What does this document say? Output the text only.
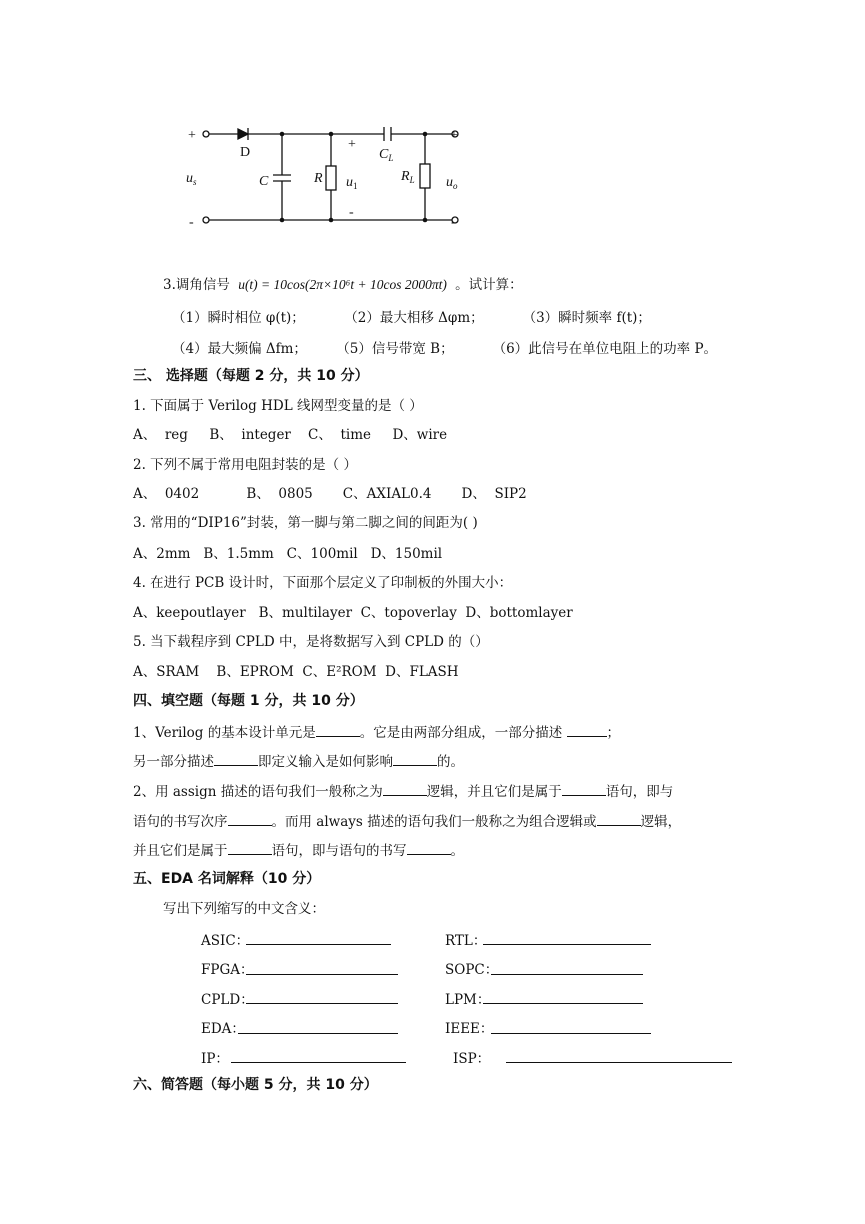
+
-
D
$u_s$	C	R $u_1$
+
-
$C_L$
$R_L$ $u_o$
+
-
3.调角信号 u(t) = 10cos(2π×10⁶t + 10cos 2000πt) 。试计算：
（1）瞬时相位 φ(t)；	（2）最大相移 Δφm；	（3）瞬时频率 f(t)；
（4）最大频偏 Δfm； （5）信号带宽 B；	（6）此信号在单位电阻上的功率 P。
三、 选择题（每题 2 分，共 10 分）
1. 下面属于 Verilog HDL 线网型变量的是（ ）
A、  reg     B、  integer    C、  time     D、wire
2. 下列不属于常用电阻封装的是（ ）
A、  0402           B、  0805       C、AXIAL0.4       D、  SIP2
3. 常用的“DIP16”封装，第一脚与第二脚之间的间距为( )
A、2mm   B、1.5mm   C、100mil   D、150mil
4. 在进行 PCB 设计时，下面那个层定义了印制板的外围大小：
A、keepoutlayer   B、multilayer  C、topoverlay  D、bottomlayer
5. 当下载程序到 CPLD 中，是将数据写入到 CPLD 的（）
A、SRAM    B、EPROM  C、E²ROM  D、FLASH
四、填空题（每题 1 分，共 10 分）
1、Verilog 的基本设计单元是	。它是由两部分组成，一部分描述	；
另一部分描述	即定义输入是如何影响	的。
2、用 assign 描述的语句我们一般称之为	逻辑，并且它们是属于	语句，即与
语句的书写次序	。而用 always 描述的语句我们一般称之为组合逻辑或	逻辑，
并且它们是属于	语句，即与语句的书写	。
五、EDA 名词解释（10 分）
写出下列缩写的中文含义：
ASIC：	RTL：
FPGA：	SOPC：
CPLD：	LPM：
EDA：	IEEE：
IP：	ISP：
六、简答题（每小题 5 分，共 10 分）
